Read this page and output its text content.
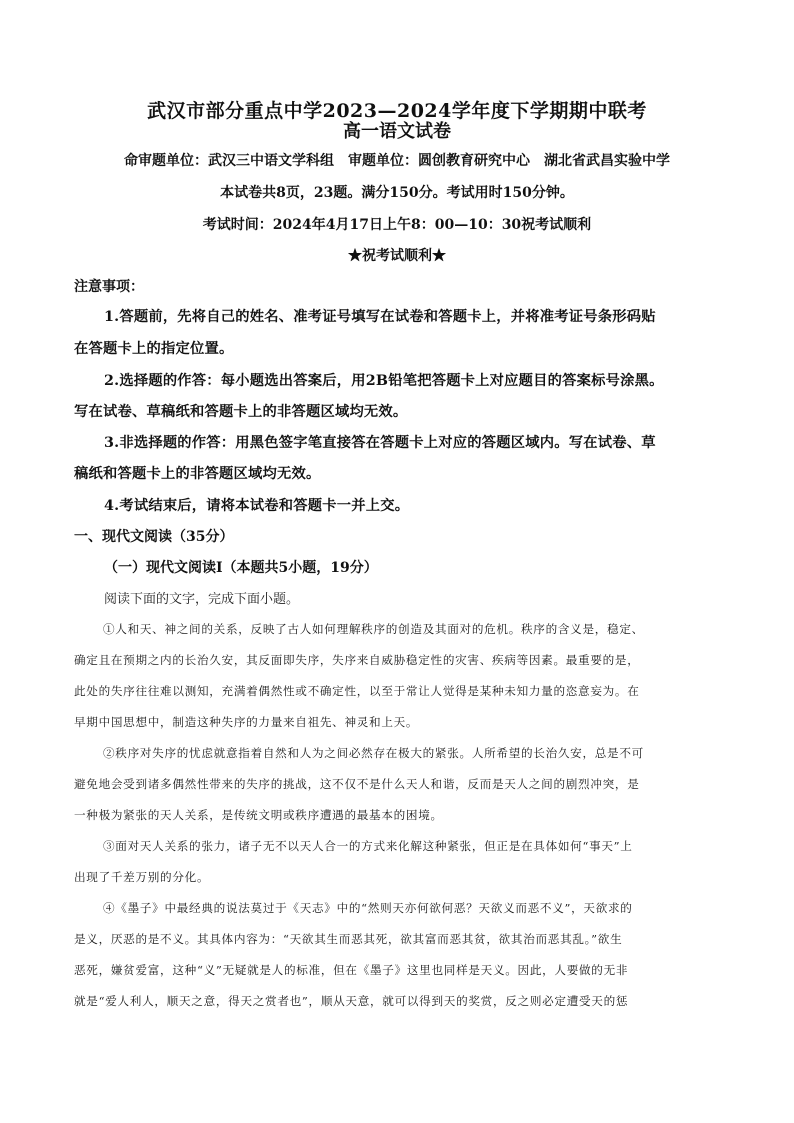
武汉市部分重点中学2023—2024学年度下学期期中联考
高一语文试卷
命审题单位：武汉三中语文学科组　审题单位：圆创教育研究中心　湖北省武昌实验中学
本试卷共8页，23题。满分150分。考试用时150分钟。
考试时间：2024年4月17日上午8：00—10：30祝考试顺利
★祝考试顺利★
注意事项：
1.答题前，先将自己的姓名、准考证号填写在试卷和答题卡上，并将准考证号条形码贴
在答题卡上的指定位置。
2.选择题的作答：每小题选出答案后，用2B铅笔把答题卡上对应题目的答案标号涂黑。
写在试卷、草稿纸和答题卡上的非答题区域均无效。
3.非选择题的作答：用黑色签字笔直接答在答题卡上对应的答题区域内。写在试卷、草
稿纸和答题卡上的非答题区域均无效。
4.考试结束后，请将本试卷和答题卡一并上交。
一、现代文阅读（35分）
（一）现代文阅读Ⅰ（本题共5小题，19分）
阅读下面的文字，完成下面小题。
①人和天、神之间的关系，反映了古人如何理解秩序的创造及其面对的危机。秩序的含义是，稳定、
确定且在预期之内的长治久安，其反面即失序，失序来自威胁稳定性的灾害、疾病等因素。最重要的是，
此处的失序往往难以测知，充满着偶然性或不确定性，以至于常让人觉得是某种未知力量的恣意妄为。在
早期中国思想中，制造这种失序的力量来自祖先、神灵和上天。
②秩序对失序的忧虑就意指着自然和人为之间必然存在极大的紧张。人所希望的长治久安，总是不可
避免地会受到诸多偶然性带来的失序的挑战，这不仅不是什么天人和谐，反而是天人之间的剧烈冲突，是
一种极为紧张的天人关系，是传统文明或秩序遭遇的最基本的困境。
③面对天人关系的张力，诸子无不以天人合一的方式来化解这种紧张，但正是在具体如何“事天”上
出现了千差万别的分化。
④《墨子》中最经典的说法莫过于《天志》中的“然则天亦何欲何恶？天欲义而恶不义”，天欲求的
是义，厌恶的是不义。其具体内容为：“天欲其生而恶其死，欲其富而恶其贫，欲其治而恶其乱。”欲生
恶死，嫌贫爱富，这种“义”无疑就是人的标准，但在《墨子》这里也同样是天义。因此，人要做的无非
就是“爱人利人，顺天之意，得天之赏者也”，顺从天意，就可以得到天的奖赏，反之则必定遭受天的惩
